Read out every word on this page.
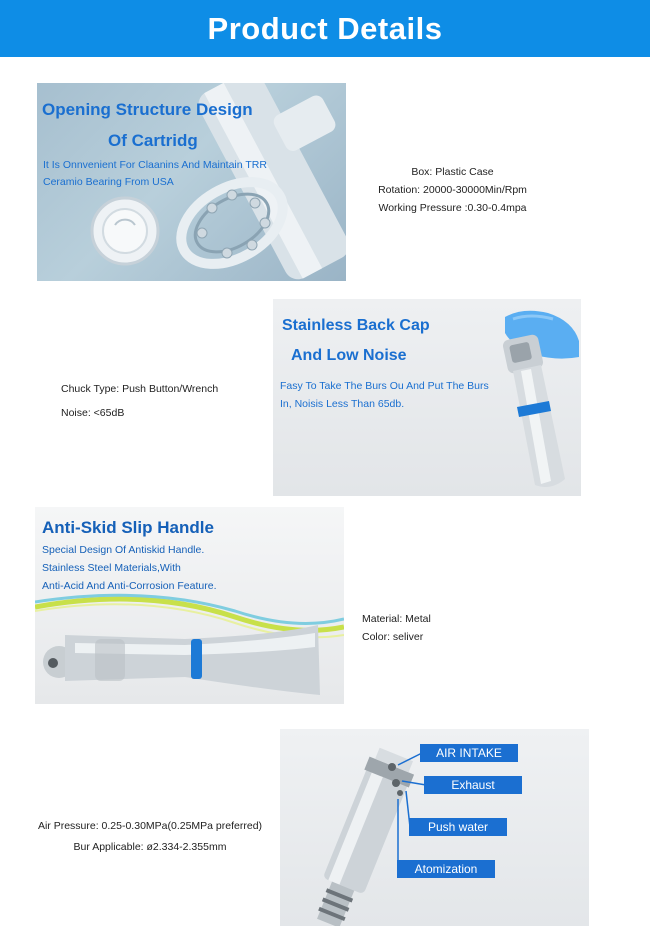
Product Details
Opening Structure Design
Of Cartridg
It Is Onnvenient For Claanins And Maintain TRR
Ceramio Bearing From USA
Box: Plastic Case
Rotation: 20000-30000Min/Rpm
Working Pressure :0.30-0.4mpa
Chuck Type: Push Button/Wrench
Noise: <65dB
Stainless Back Cap
And Low Noise
Fasy To Take The Burs Ou And Put The Burs
In, Noisis Less Than 65db.
Anti-Skid Slip Handle
Special Design Of Antiskid Handle.
Stainless Steel Materials,With
Anti-Acid And Anti-Corrosion Feature.
Material: Metal
Color: seliver
Air Pressure: 0.25-0.30MPa(0.25MPa preferred)
Bur Applicable: ø2.334-2.355mm
AIR INTAKE
Exhaust
Push water
Atomization
